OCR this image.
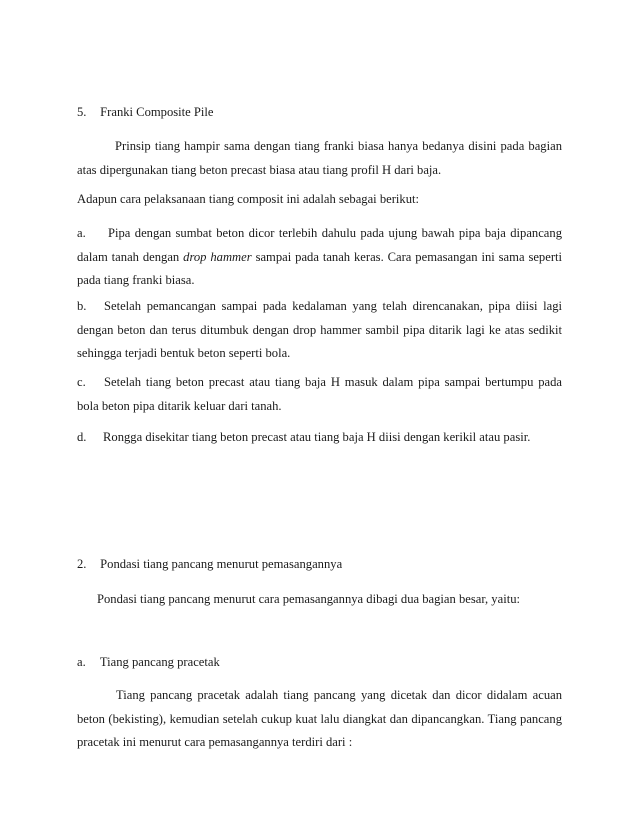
5. Franki Composite Pile

Prinsip tiang hampir sama dengan tiang franki biasa hanya bedanya disini pada bagian atas dipergunakan tiang beton precast biasa atau tiang profil H dari baja.

Adapun cara pelaksanaan tiang composit ini adalah sebagai berikut:

a. Pipa dengan sumbat beton dicor terlebih dahulu pada ujung bawah pipa baja dipancang dalam tanah dengan drop hammer sampai pada tanah keras. Cara pemasangan ini sama seperti pada tiang franki biasa.

b. Setelah pemancangan sampai pada kedalaman yang telah direncanakan, pipa diisi lagi dengan beton dan terus ditumbuk dengan drop hammer sambil pipa ditarik lagi ke atas sedikit sehingga terjadi bentuk beton seperti bola.

c. Setelah tiang beton precast atau tiang baja H masuk dalam pipa sampai bertumpu pada bola beton pipa ditarik keluar dari tanah.

d. Rongga disekitar tiang beton precast atau tiang baja H diisi dengan kerikil atau pasir.

2. Pondasi tiang pancang menurut pemasangannya

Pondasi tiang pancang menurut cara pemasangannya dibagi dua bagian besar, yaitu:

a. Tiang pancang pracetak

Tiang pancang pracetak adalah tiang pancang yang dicetak dan dicor didalam acuan beton (bekisting), kemudian setelah cukup kuat lalu diangkat dan dipancangkan. Tiang pancang pracetak ini menurut cara pemasangannya terdiri dari :
